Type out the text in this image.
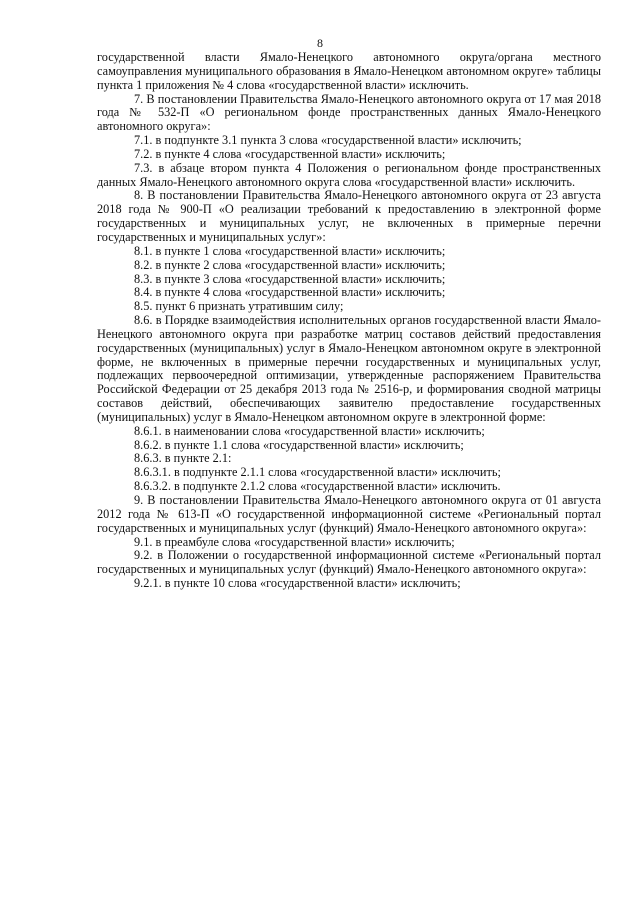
8

государственной власти Ямало-Ненецкого автономного округа/органа местного самоуправления муниципального образования в Ямало-Ненецком автономном округе» таблицы пункта 1 приложения № 4 слова «государственной власти» исключить.

7. В постановлении Правительства Ямало-Ненецкого автономного округа от 17 мая 2018 года № 532-П «О региональном фонде пространственных данных Ямало-Ненецкого автономного округа»:

7.1. в подпункте 3.1 пункта 3 слова «государственной власти» исключить;

7.2. в пункте 4 слова «государственной власти» исключить;

7.3. в абзаце втором пункта 4 Положения о региональном фонде пространственных данных Ямало-Ненецкого автономного округа слова «государственной власти» исключить.

8. В постановлении Правительства Ямало-Ненецкого автономного округа от 23 августа 2018 года № 900-П «О реализации требований к предоставлению в электронной форме государственных и муниципальных услуг, не включенных в примерные перечни государственных и муниципальных услуг»:

8.1. в пункте 1 слова «государственной власти» исключить;

8.2. в пункте 2 слова «государственной власти» исключить;

8.3. в пункте 3 слова «государственной власти» исключить;

8.4. в пункте 4 слова «государственной власти» исключить;

8.5. пункт 6 признать утратившим силу;

8.6. в Порядке взаимодействия исполнительных органов государственной власти Ямало-Ненецкого автономного округа при разработке матриц составов действий предоставления государственных (муниципальных) услуг в Ямало-Ненецком автономном округе в электронной форме, не включенных в примерные перечни государственных и муниципальных услуг, подлежащих первоочередной оптимизации, утвержденные распоряжением Правительства Российской Федерации от 25 декабря 2013 года № 2516-р, и формирования сводной матрицы составов действий, обеспечивающих заявителю предоставление государственных (муниципальных) услуг в Ямало-Ненецком автономном округе в электронной форме:

8.6.1. в наименовании слова «государственной власти» исключить;

8.6.2. в пункте 1.1 слова «государственной власти» исключить;

8.6.3. в пункте 2.1:

8.6.3.1. в подпункте 2.1.1 слова «государственной власти» исключить;

8.6.3.2. в подпункте 2.1.2 слова «государственной власти» исключить.

9. В постановлении Правительства Ямало-Ненецкого автономного округа от 01 августа 2012 года № 613-П «О государственной информационной системе «Региональный портал государственных и муниципальных услуг (функций) Ямало-Ненецкого автономного округа»:

9.1. в преамбуле слова «государственной власти» исключить;

9.2. в Положении о государственной информационной системе «Региональный портал государственных и муниципальных услуг (функций) Ямало-Ненецкого автономного округа»:

9.2.1. в пункте 10 слова «государственной власти» исключить;
